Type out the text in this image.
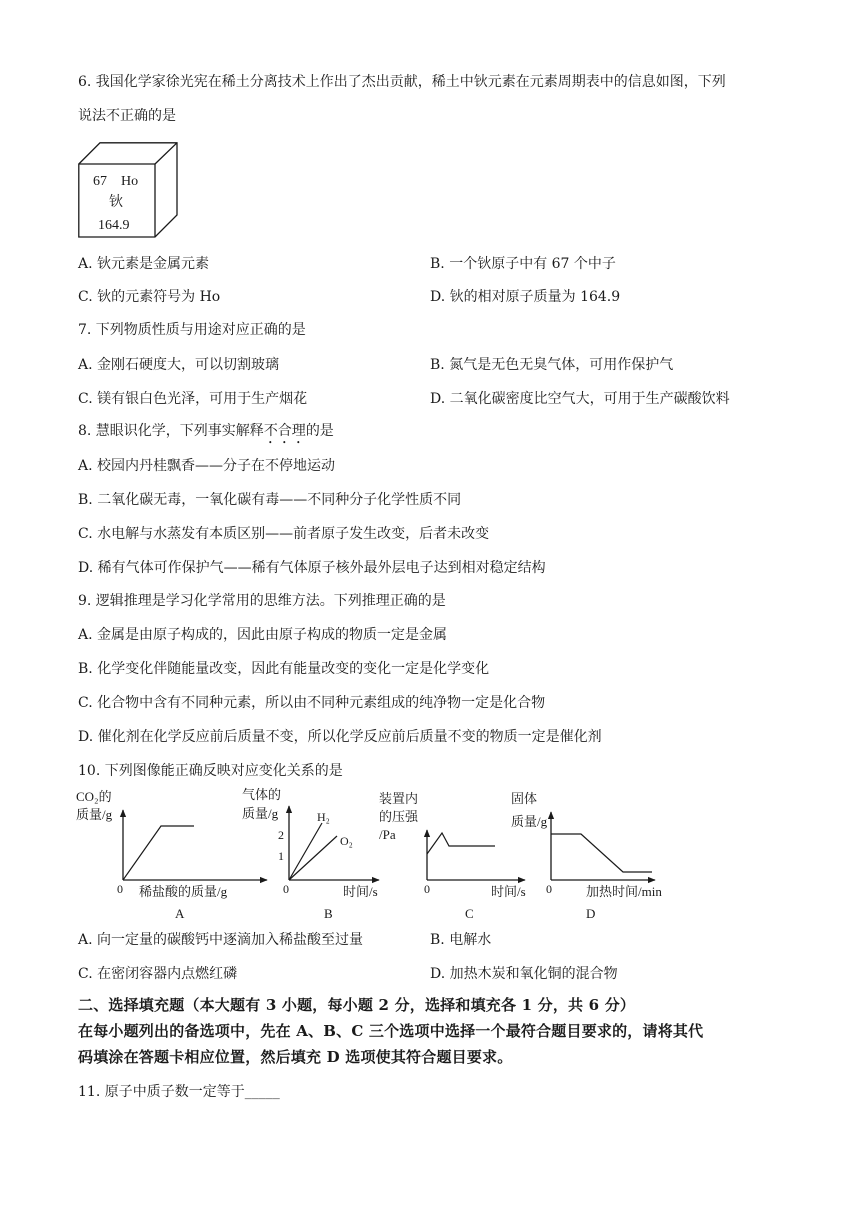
6. 我国化学家徐光宪在稀土分离技术上作出了杰出贡献，稀土中钬元素在元素周期表中的信息如图，下列
说法不正确的是
67 Ho
钬
164.9
A. 钬元素是金属元素	B. 一个钬原子中有 67 个中子
C. 钬的元素符号为 Ho	D. 钬的相对原子质量为 164.9
7. 下列物质性质与用途对应正确的是
A. 金刚石硬度大，可以切割玻璃	B. 氮气是无色无臭气体，可用作保护气
C. 镁有银白色光泽，可用于生产烟花	D. 二氧化碳密度比空气大，可用于生产碳酸饮料
8. 慧眼识化学，下列事实解释不合理的是
A. 校园内丹桂飘香——分子在不停地运动
B. 二氧化碳无毒，一氧化碳有毒——不同种分子化学性质不同
C. 水电解与水蒸发有本质区别——前者原子发生改变，后者未改变
D. 稀有气体可作保护气——稀有气体原子核外最外层电子达到相对稳定结构
9. 逻辑推理是学习化学常用的思维方法。下列推理正确的是
A. 金属是由原子构成的，因此由原子构成的物质一定是金属
B. 化学变化伴随能量改变，因此有能量改变的变化一定是化学变化
C. 化合物中含有不同种元素，所以由不同种元素组成的纯净物一定是化合物
D. 催化剂在化学反应前后质量不变，所以化学反应前后质量不变的物质一定是催化剂
10. 下列图像能正确反映对应变化关系的是
CO₂的
质量/g
0 稀盐酸的质量/g
A
气体的
质量/g
2
1
H₂
O₂
0	时间/s
B
装置内
的压强
/Pa
0	时间/s
C
固体
质量/g
0	加热时间/min
D
A. 向一定量的碳酸钙中逐滴加入稀盐酸至过量	B. 电解水
C. 在密闭容器内点燃红磷	D. 加热木炭和氧化铜的混合物
二、选择填充题（本大题有 3 小题，每小题 2 分，选择和填充各 1 分，共 6 分）
在每小题列出的备选项中，先在 A、B、C 三个选项中选择一个最符合题目要求的，请将其代
码填涂在答题卡相应位置，然后填充 D 选项使其符合题目要求。
11. 原子中质子数一定等于_____
